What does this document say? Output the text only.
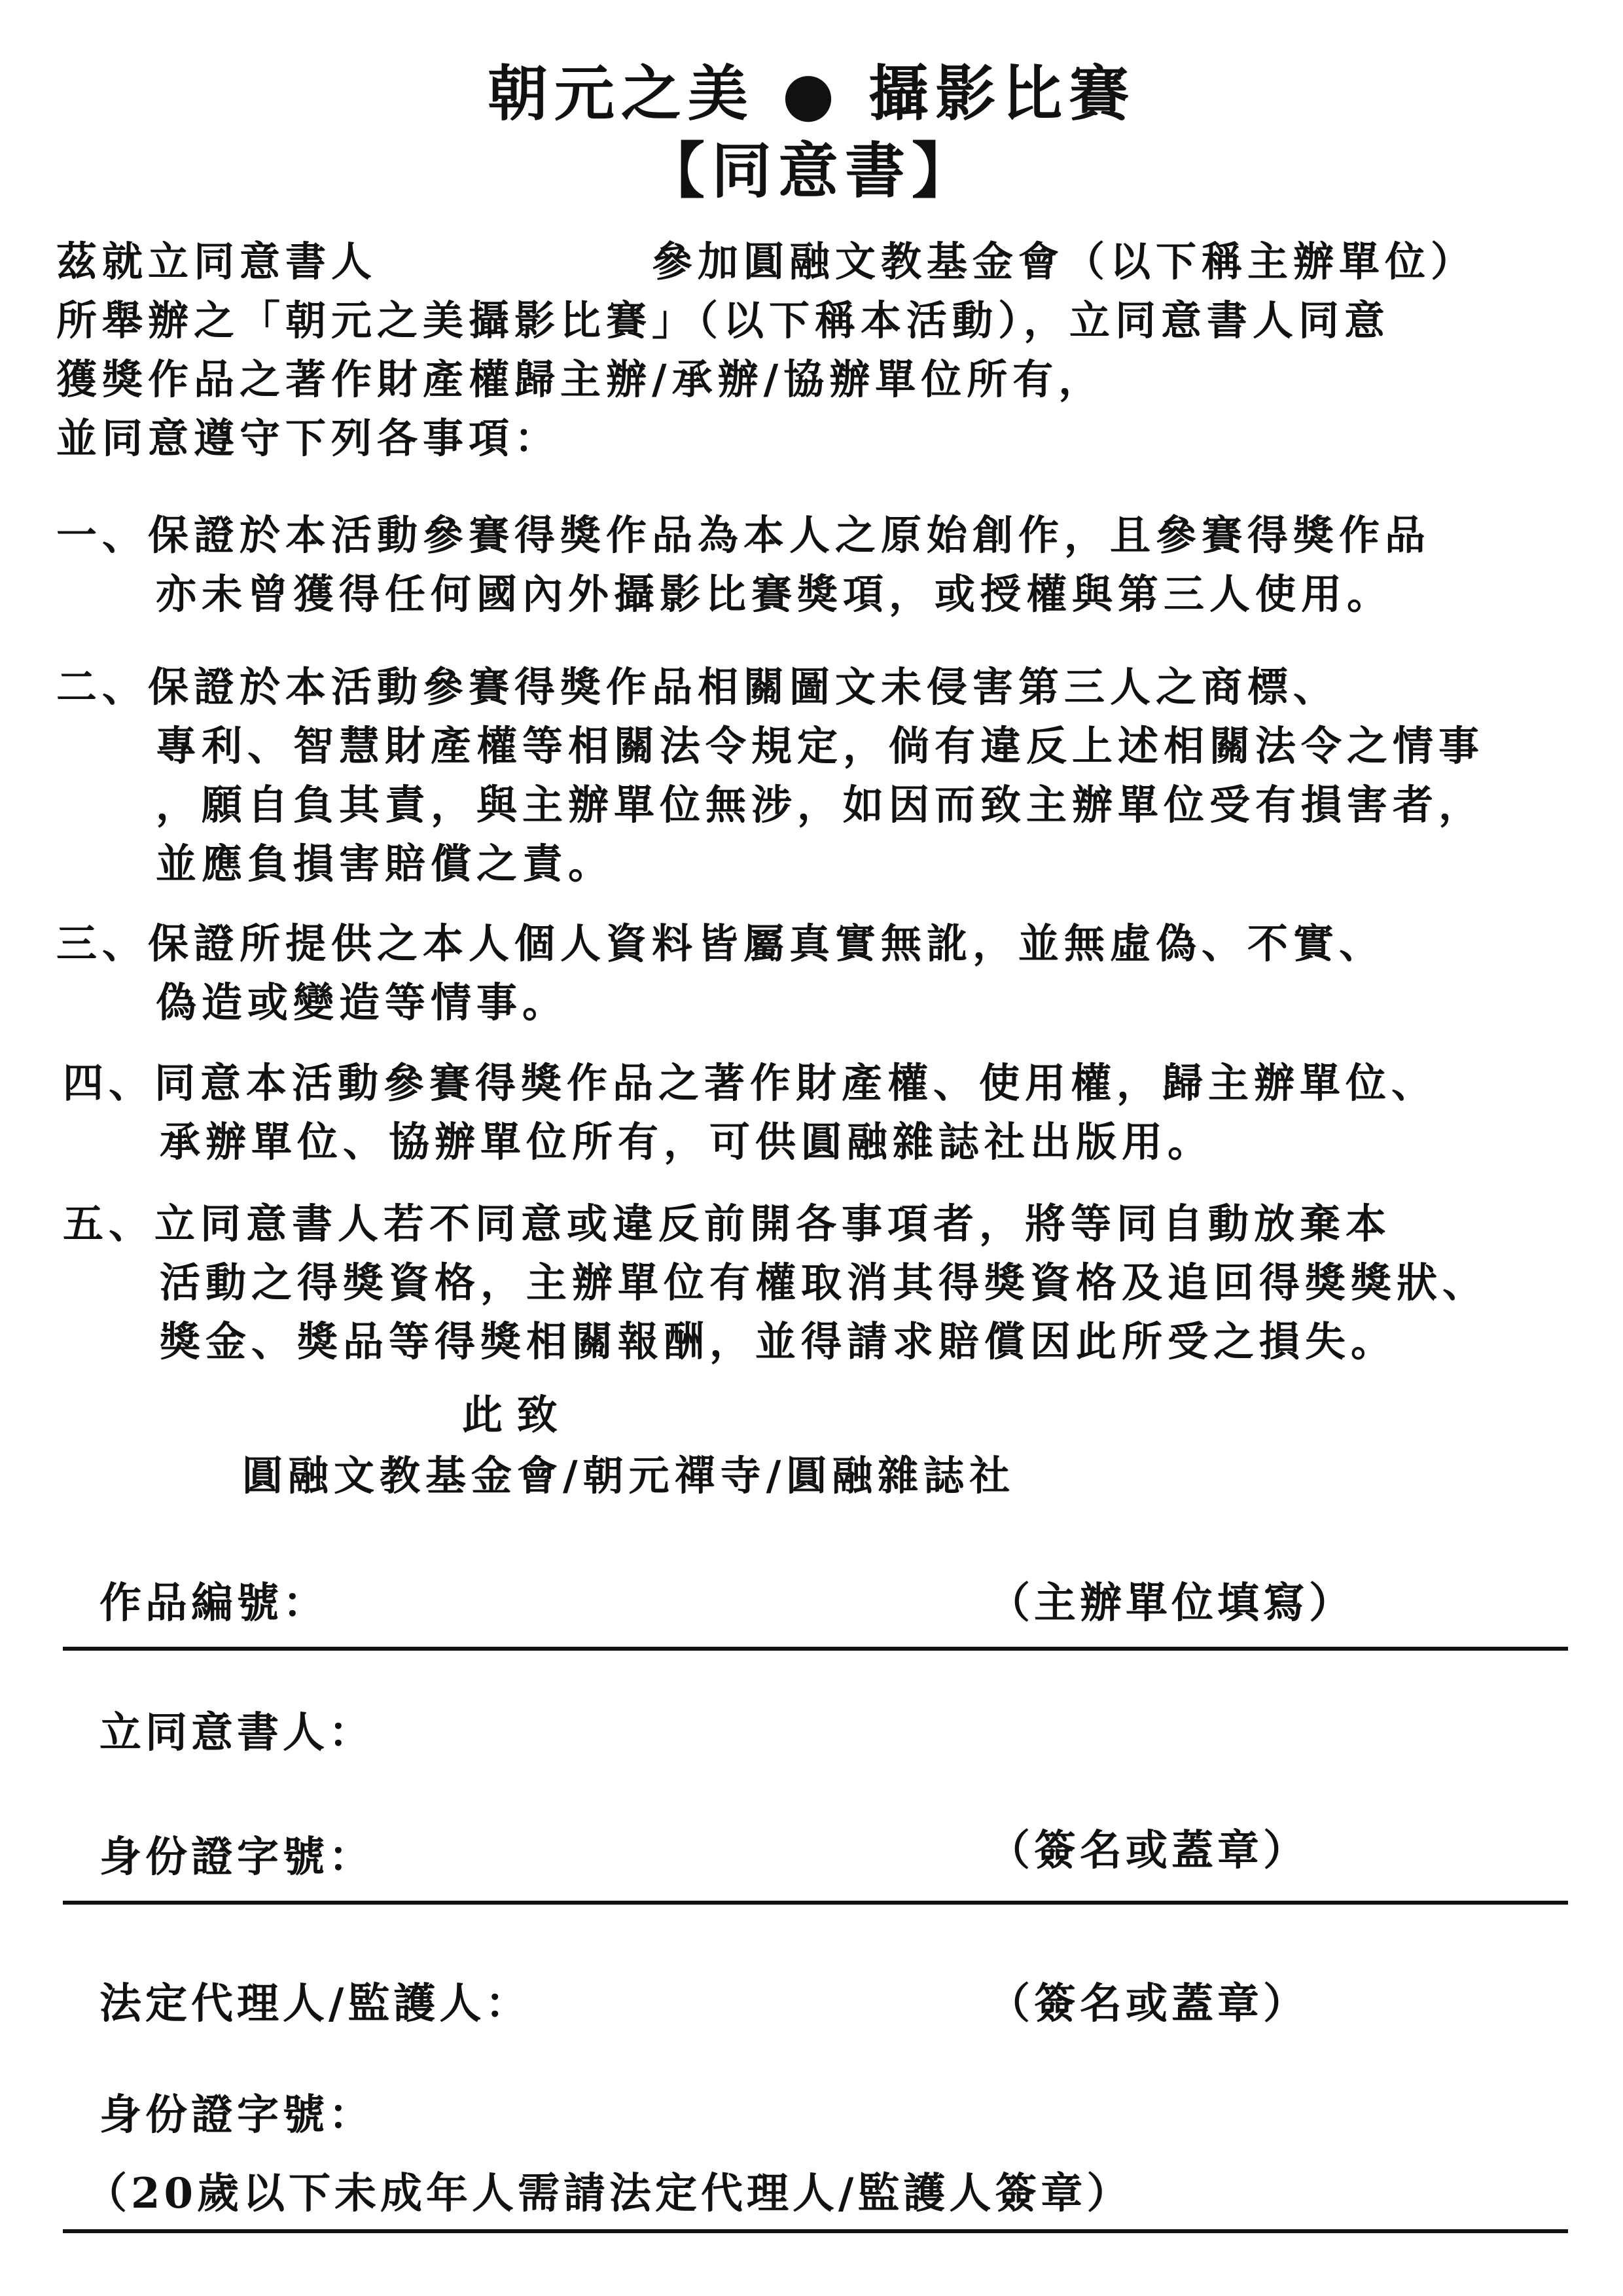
朝元之美 ● 攝影比賽
【同意書】
茲就立同意書人　　　　　　參加圓融文教基金會（以下稱主辦單位）
所舉辦之「朝元之美攝影比賽」（以下稱本活動），立同意書人同意
獲獎作品之著作財產權歸主辦/承辦/協辦單位所有，
並同意遵守下列各事項：
一、保證於本活動參賽得獎作品為本人之原始創作，且參賽得獎作品
亦未曾獲得任何國內外攝影比賽獎項，或授權與第三人使用。
二、保證於本活動參賽得獎作品相關圖文未侵害第三人之商標、
專利、智慧財產權等相關法令規定，倘有違反上述相關法令之情事
，願自負其責，與主辦單位無涉，如因而致主辦單位受有損害者，
並應負損害賠償之責。
三、保證所提供之本人個人資料皆屬真實無訛，並無虛偽、不實、
偽造或變造等情事。
四、同意本活動參賽得獎作品之著作財產權、使用權，歸主辦單位、
承辦單位、協辦單位所有，可供圓融雜誌社出版用。
五、立同意書人若不同意或違反前開各事項者，將等同自動放棄本
活動之得獎資格，主辦單位有權取消其得獎資格及追回得獎獎狀、
獎金、獎品等得獎相關報酬，並得請求賠償因此所受之損失。
此 致
圓融文教基金會/朝元禪寺/圓融雜誌社
作品編號：	（主辦單位填寫）
立同意書人：
身份證字號：	（簽名或蓋章）
法定代理人/監護人：	（簽名或蓋章）
身份證字號：
（20歲以下未成年人需請法定代理人/監護人簽章）
